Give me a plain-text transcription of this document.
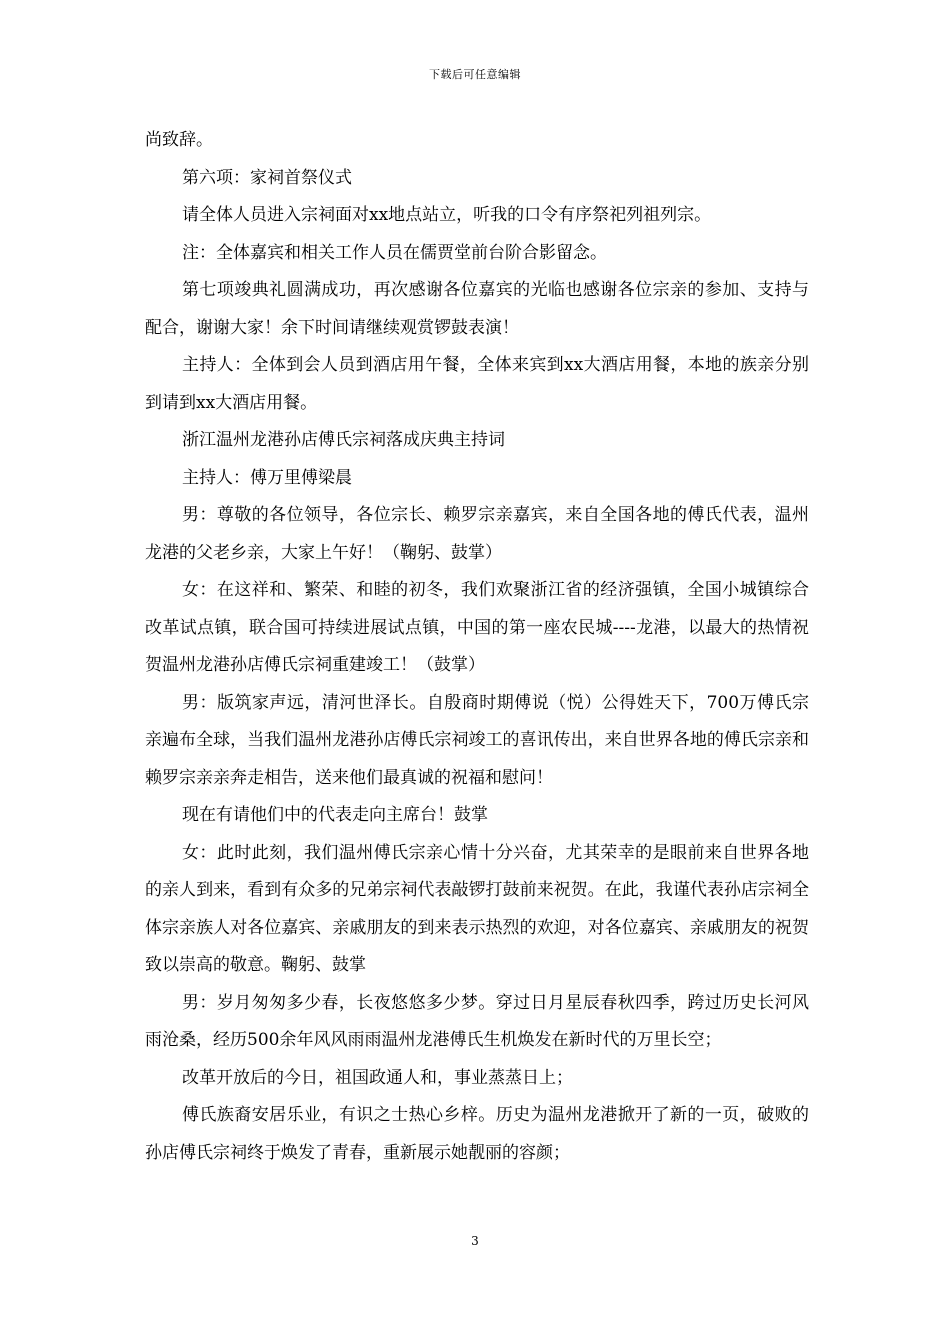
下载后可任意编辑

尚致辞。

第六项：家祠首祭仪式

请全体人员进入宗祠面对xx地点站立，听我的口令有序祭祀列祖列宗。

注：全体嘉宾和相关工作人员在儒贾堂前台阶合影留念。

第七项竣典礼圆满成功，再次感谢各位嘉宾的光临也感谢各位宗亲的参加、支持与配合，谢谢大家！余下时间请继续观赏锣鼓表演！

主持人：全体到会人员到酒店用午餐，全体来宾到xx大酒店用餐，本地的族亲分别到请到xx大酒店用餐。

浙江温州龙港孙店傅氏宗祠落成庆典主持词

主持人：傅万里傅梁晨

男：尊敬的各位领导，各位宗长、赖罗宗亲嘉宾，来自全国各地的傅氏代表，温州龙港的父老乡亲，大家上午好！（鞠躬、鼓掌）

女：在这祥和、繁荣、和睦的初冬，我们欢聚浙江省的经济强镇，全国小城镇综合改革试点镇，联合国可持续进展试点镇，中国的第一座农民城----龙港，以最大的热情祝贺温州龙港孙店傅氏宗祠重建竣工！（鼓掌）

男：版筑家声远，清河世泽长。自殷商时期傅说（悦）公得姓天下，700万傅氏宗亲遍布全球，当我们温州龙港孙店傅氏宗祠竣工的喜讯传出，来自世界各地的傅氏宗亲和赖罗宗亲亲奔走相告，送来他们最真诚的祝福和慰问！

现在有请他们中的代表走向主席台！鼓掌

女：此时此刻，我们温州傅氏宗亲心情十分兴奋，尤其荣幸的是眼前来自世界各地的亲人到来，看到有众多的兄弟宗祠代表敲锣打鼓前来祝贺。在此，我谨代表孙店宗祠全体宗亲族人对各位嘉宾、亲戚朋友的到来表示热烈的欢迎，对各位嘉宾、亲戚朋友的祝贺致以崇高的敬意。鞠躬、鼓掌

男：岁月匆匆多少春，长夜悠悠多少梦。穿过日月星辰春秋四季，跨过历史长河风雨沧桑，经历500余年风风雨雨温州龙港傅氏生机焕发在新时代的万里长空；

改革开放后的今日，祖国政通人和，事业蒸蒸日上；

傅氏族裔安居乐业，有识之士热心乡梓。历史为温州龙港掀开了新的一页，破败的孙店傅氏宗祠终于焕发了青春，重新展示她靓丽的容颜；

3
